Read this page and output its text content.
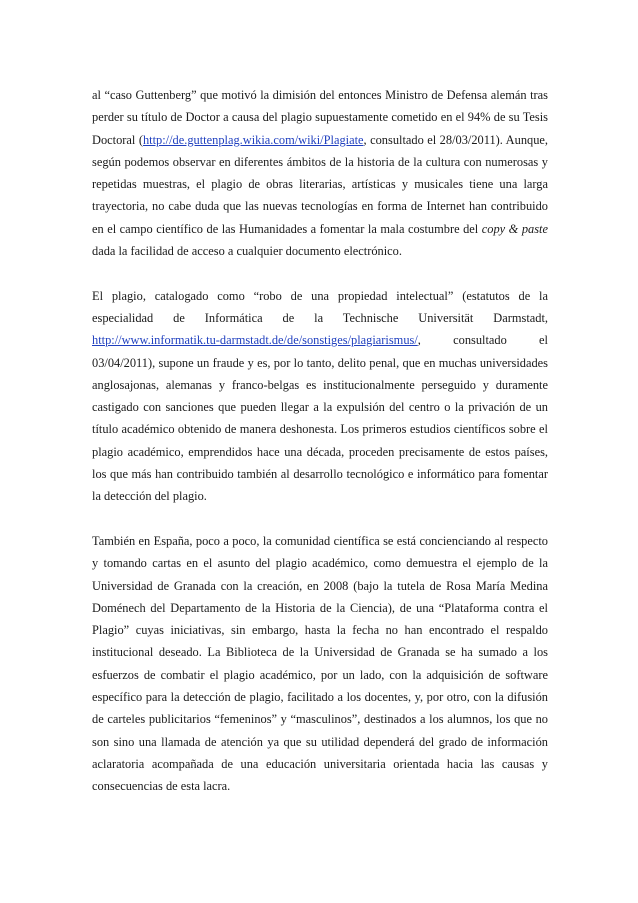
al “caso Guttenberg” que motivó la dimisión del entonces Ministro de Defensa alemán tras perder su título de Doctor a causa del plagio supuestamente cometido en el 94% de su Tesis Doctoral (http://de.guttenplag.wikia.com/wiki/Plagiate, consultado el 28/03/2011). Aunque, según podemos observar en diferentes ámbitos de la historia de la cultura con numerosas y repetidas muestras, el plagio de obras literarias, artísticas y musicales tiene una larga trayectoria, no cabe duda que las nuevas tecnologías en forma de Internet han contribuido en el campo científico de las Humanidades a fomentar la mala costumbre del copy & paste dada la facilidad de acceso a cualquier documento electrónico.

El plagio, catalogado como “robo de una propiedad intelectual” (estatutos de la especialidad de Informática de la Technische Universität Darmstadt, http://www.informatik.tu-darmstadt.de/de/sonstiges/plagiarismus/, consultado el 03/04/2011), supone un fraude y es, por lo tanto, delito penal, que en muchas universidades anglosajonas, alemanas y franco-belgas es institucionalmente perseguido y duramente castigado con sanciones que pueden llegar a la expulsión del centro o la privación de un título académico obtenido de manera deshonesta. Los primeros estudios científicos sobre el plagio académico, emprendidos hace una década, proceden precisamente de estos países, los que más han contribuido también al desarrollo tecnológico e informático para fomentar la detección del plagio.

También en España, poco a poco, la comunidad científica se está concienciando al respecto y tomando cartas en el asunto del plagio académico, como demuestra el ejemplo de la Universidad de Granada con la creación, en 2008 (bajo la tutela de Rosa María Medina Doménech del Departamento de la Historia de la Ciencia), de una “Plataforma contra el Plagio” cuyas iniciativas, sin embargo, hasta la fecha no han encontrado el respaldo institucional deseado. La Biblioteca de la Universidad de Granada se ha sumado a los esfuerzos de combatir el plagio académico, por un lado, con la adquisición de software específico para la detección de plagio, facilitado a los docentes, y, por otro, con la difusión de carteles publicitarios “femeninos” y “masculinos”, destinados a los alumnos, los que no son sino una llamada de atención ya que su utilidad dependerá del grado de información aclaratoria acompañada de una educación universitaria orientada hacia las causas y consecuencias de esta lacra.
